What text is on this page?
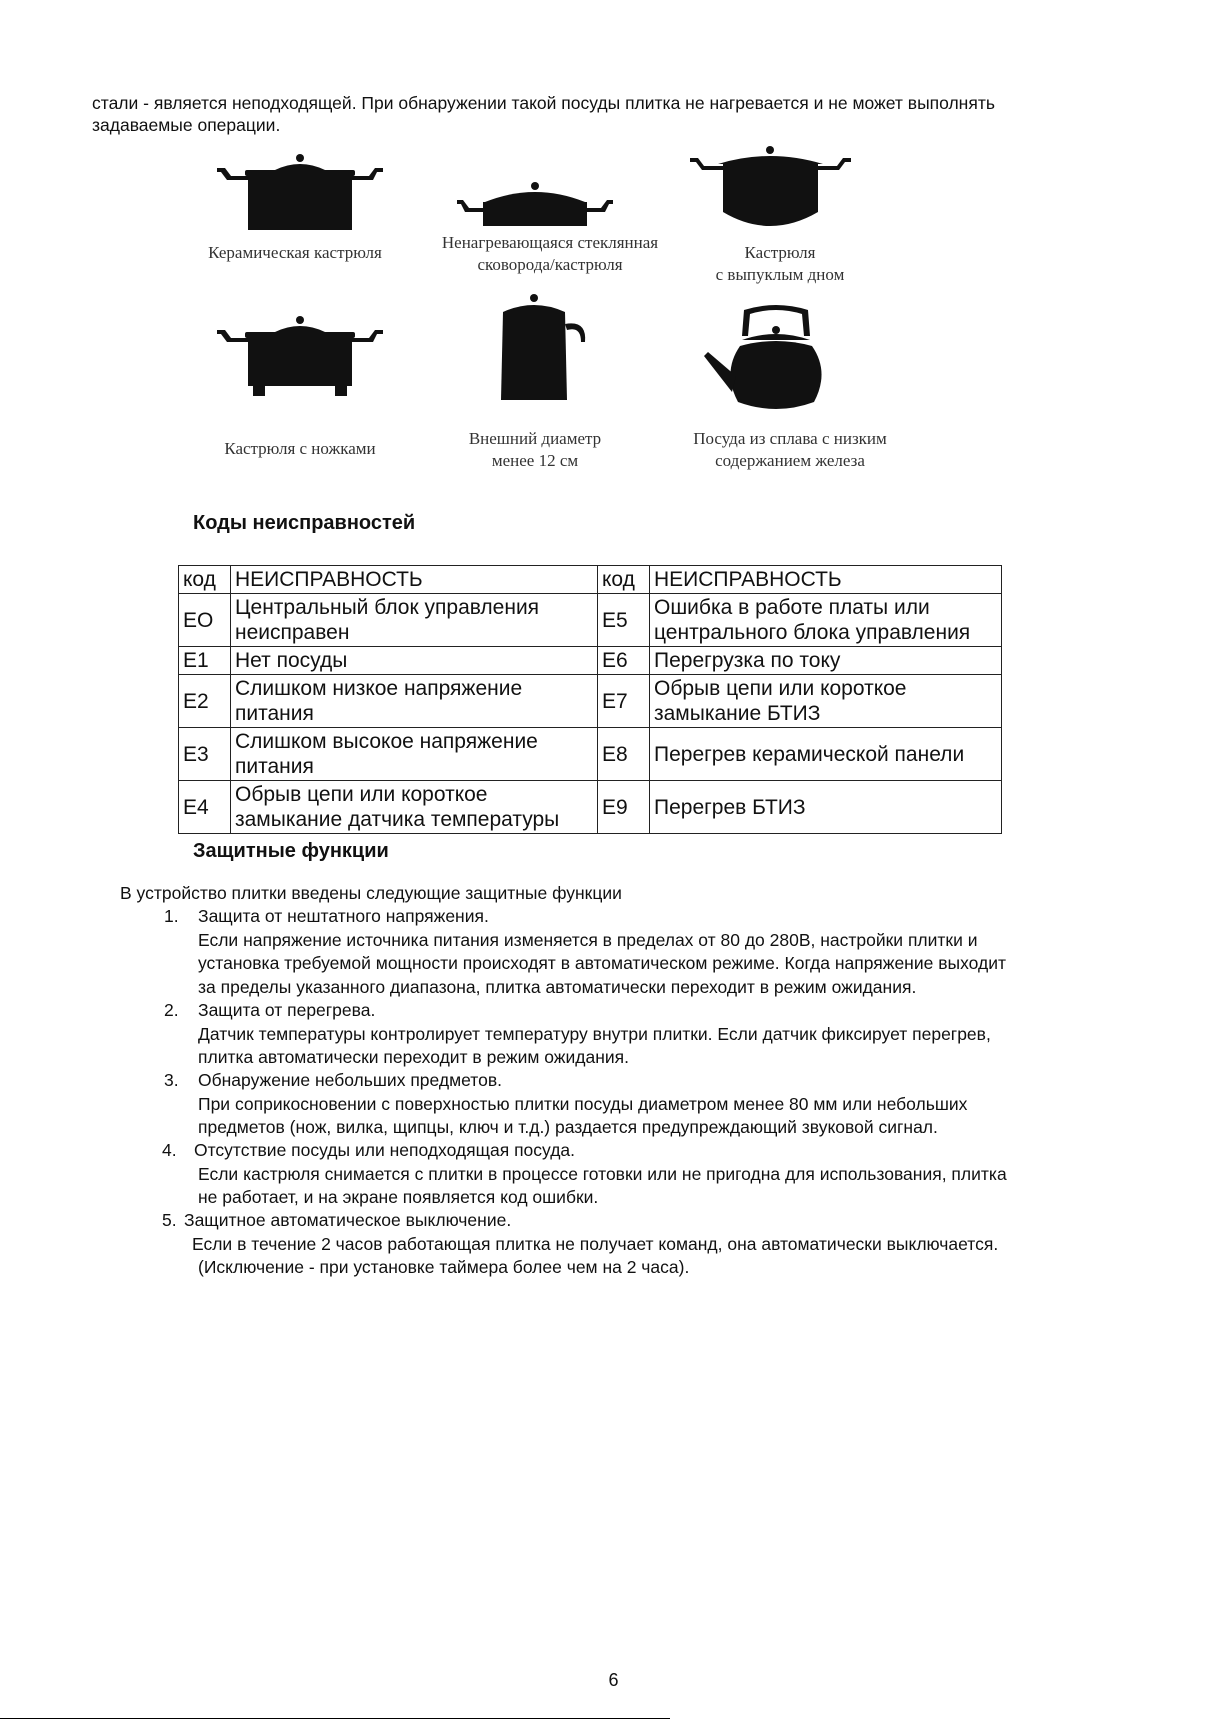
стали - является неподходящей. При обнаружении такой посуды плитка не нагревается и не может выполнять
задаваемые операции.
Керамическая кастрюля
Ненагревающаяся стеклянная
сковорода/кастрюля
Кастрюля
с выпуклым дном
Кастрюля с ножками
Внешний диаметр
менее 12 см
Посуда из сплава с низким
содержанием железа
Коды неисправностей
код	НЕИСПРАВНОСТЬ	код	НЕИСПРАВНОСТЬ
EO	Центральный блок управления неисправен	E5	Ошибка в работе платы или центрального блока управления
E1	Нет посуды	E6	Перегрузка по току
E2	Слишком низкое напряжение питания	E7	Обрыв цепи или короткое замыкание БТИЗ
E3	Слишком высокое напряжение питания	E8	Перегрев керамической панели
E4	Обрыв цепи или короткое замыкание датчика температуры	E9	Перегрев БТИЗ
Защитные функции
В устройство плитки введены следующие защитные функции
1. Защита от нештатного напряжения.
Если напряжение источника питания изменяется в пределах от 80 до 280В, настройки плитки и
установка требуемой мощности происходят в автоматическом режиме. Когда напряжение выходит
за пределы указанного диапазона, плитка автоматически переходит в режим ожидания.
2. Защита от перегрева.
Датчик температуры контролирует температуру внутри плитки. Если датчик фиксирует перегрев,
плитка автоматически переходит в режим ожидания.
3. Обнаружение небольших предметов.
При соприкосновении с поверхностью плитки посуды диаметром менее 80 мм или небольших
предметов (нож, вилка, щипцы, ключ и т.д.) раздается предупреждающий звуковой сигнал.
4. Отсутствие посуды или неподходящая посуда.
Если кастрюля снимается с плитки в процессе готовки или не пригодна для использования, плитка
не работает, и на экране появляется код ошибки.
5. Защитное автоматическое выключение.
Если в течение 2 часов работающая плитка не получает команд, она автоматически выключается.
(Исключение - при установке таймера более чем на 2 часа).
6
